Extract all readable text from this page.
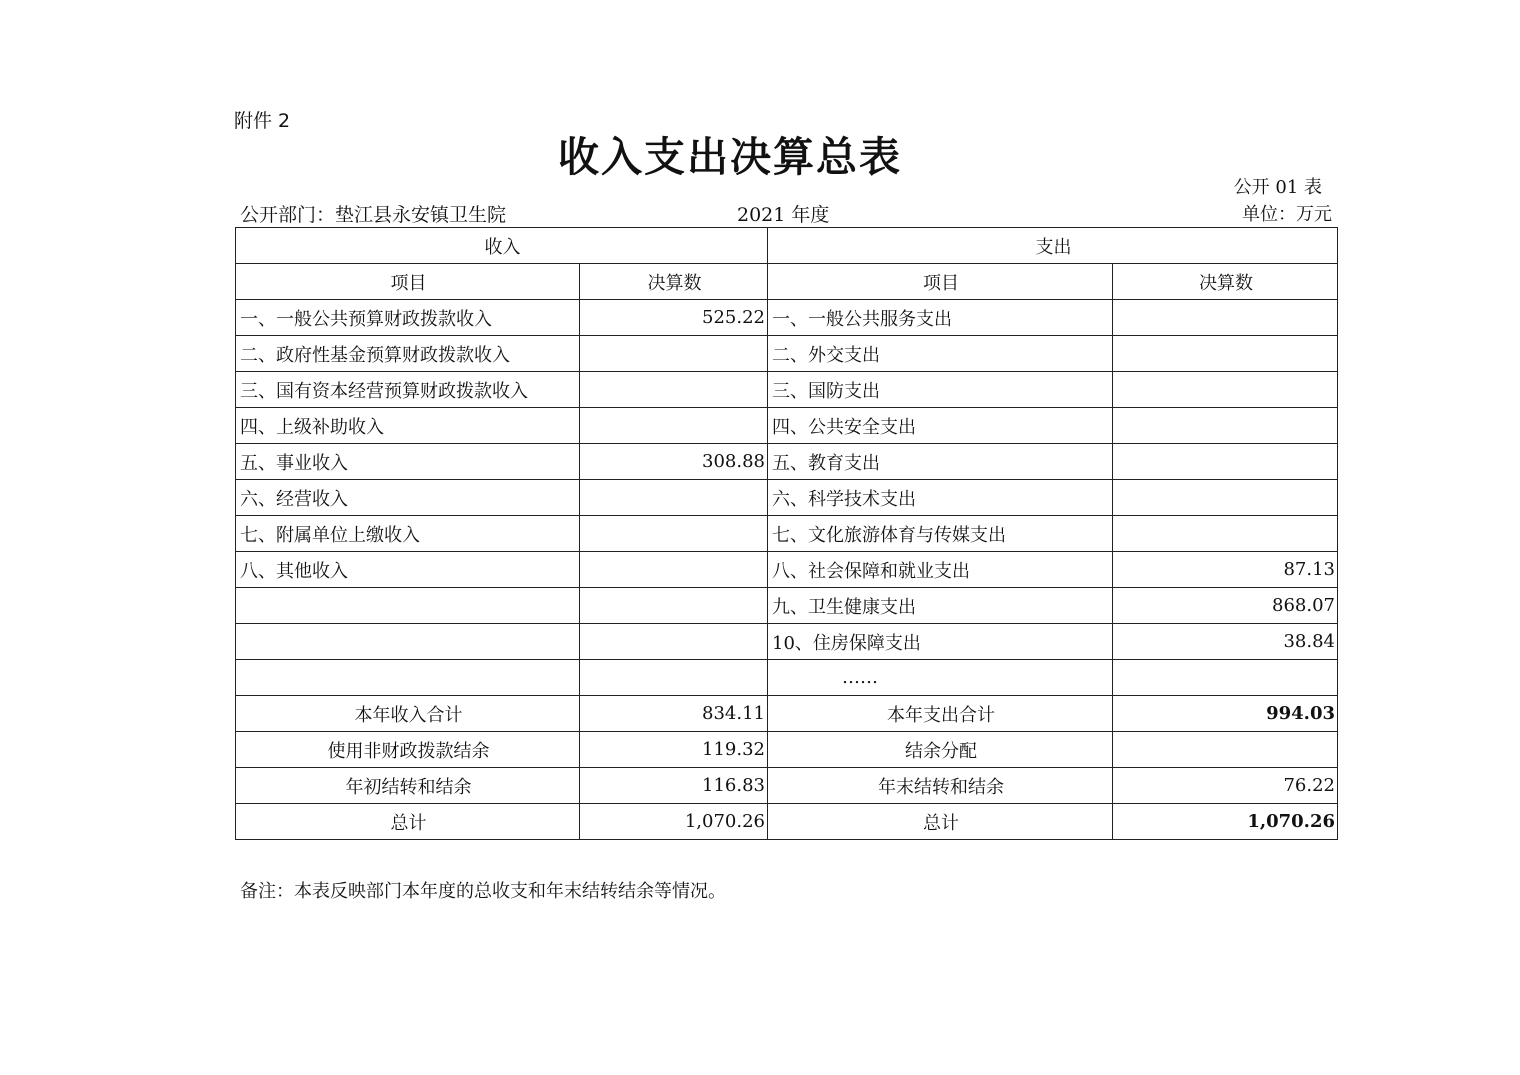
附件 2
收入支出决算总表
公开 01 表
公开部门：垫江县永安镇卫生院	2021 年度	单位：万元
收入		支出	
项目	决算数	项目	决算数
一、一般公共预算财政拨款收入	525.22	一、一般公共服务支出	
二、政府性基金预算财政拨款收入		二、外交支出	
三、国有资本经营预算财政拨款收入		三、国防支出	
四、上级补助收入		四、公共安全支出	
五、事业收入	308.88	五、教育支出	
六、经营收入		六、科学技术支出	
七、附属单位上缴收入		七、文化旅游体育与传媒支出	
八、其他收入		八、社会保障和就业支出	87.13
		九、卫生健康支出	868.07
		10、住房保障支出	38.84
		……	
本年收入合计	834.11	本年支出合计	994.03
使用非财政拨款结余	119.32	结余分配	
年初结转和结余	116.83	年末结转和结余	76.22
总计	1,070.26	总计	1,070.26
备注：本表反映部门本年度的总收支和年末结转结余等情况。
